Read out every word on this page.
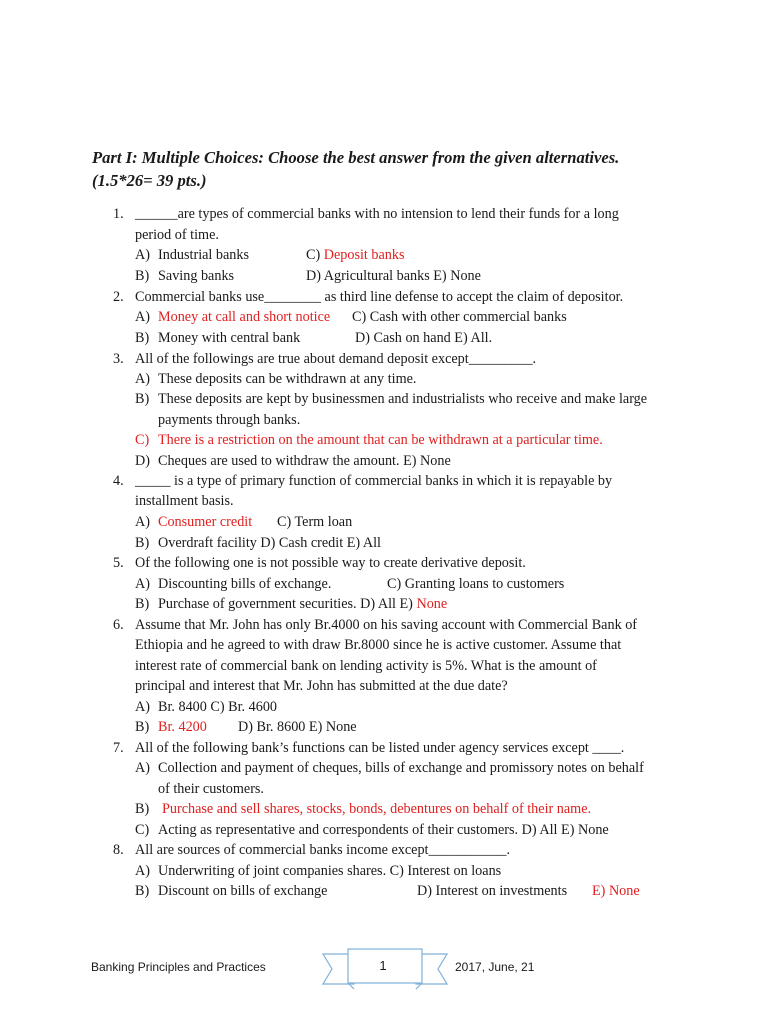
Part I: Multiple Choices: Choose the best answer from the given alternatives.
(1.5*26= 39 pts.)
1. ______are types of commercial banks with no intension to lend their funds for a long
period of time.
A) Industrial banks	C) Deposit banks
B) Saving banks	D) Agricultural banks E) None
2. Commercial banks use________ as third line defense to accept the claim of depositor.
A) Money at call and short notice C) Cash with other commercial banks
B) Money with central bank	D) Cash on hand E) All.
3. All of the followings are true about demand deposit except_________.
A) These deposits can be withdrawn at any time.
B) These deposits are kept by businessmen and industrialists who receive and make large
payments through banks.
C) There is a restriction on the amount that can be withdrawn at a particular time.
D) Cheques are used to withdraw the amount. E) None
4. _____ is a type of primary function of commercial banks in which it is repayable by
installment basis.
A) Consumer credit C) Term loan
B) Overdraft facility D) Cash credit E) All
5. Of the following one is not possible way to create derivative deposit.
A) Discounting bills of exchange.	C) Granting loans to customers
B) Purchase of government securities. D) All E) None
6. Assume that Mr. John has only Br.4000 on his saving account with Commercial Bank of
Ethiopia and he agreed to with draw Br.8000 since he is active customer. Assume that
interest rate of commercial bank on lending activity is 5%. What is the amount of
principal and interest that Mr. John has submitted at the due date?
A) Br. 8400 C) Br. 4600
B) Br. 4200 D) Br. 8600 E) None
7. All of the following bank’s functions can be listed under agency services except ____.
A) Collection and payment of cheques, bills of exchange and promissory notes on behalf
of their customers.
B) Purchase and sell shares, stocks, bonds, debentures on behalf of their name.
C) Acting as representative and correspondents of their customers. D) All E) None
8. All are sources of commercial banks income except___________.
A) Underwriting of joint companies shares. C) Interest on loans
B) Discount on bills of exchange	D) Interest on investments E) None
Banking Principles and Practices	1	2017, June, 21
